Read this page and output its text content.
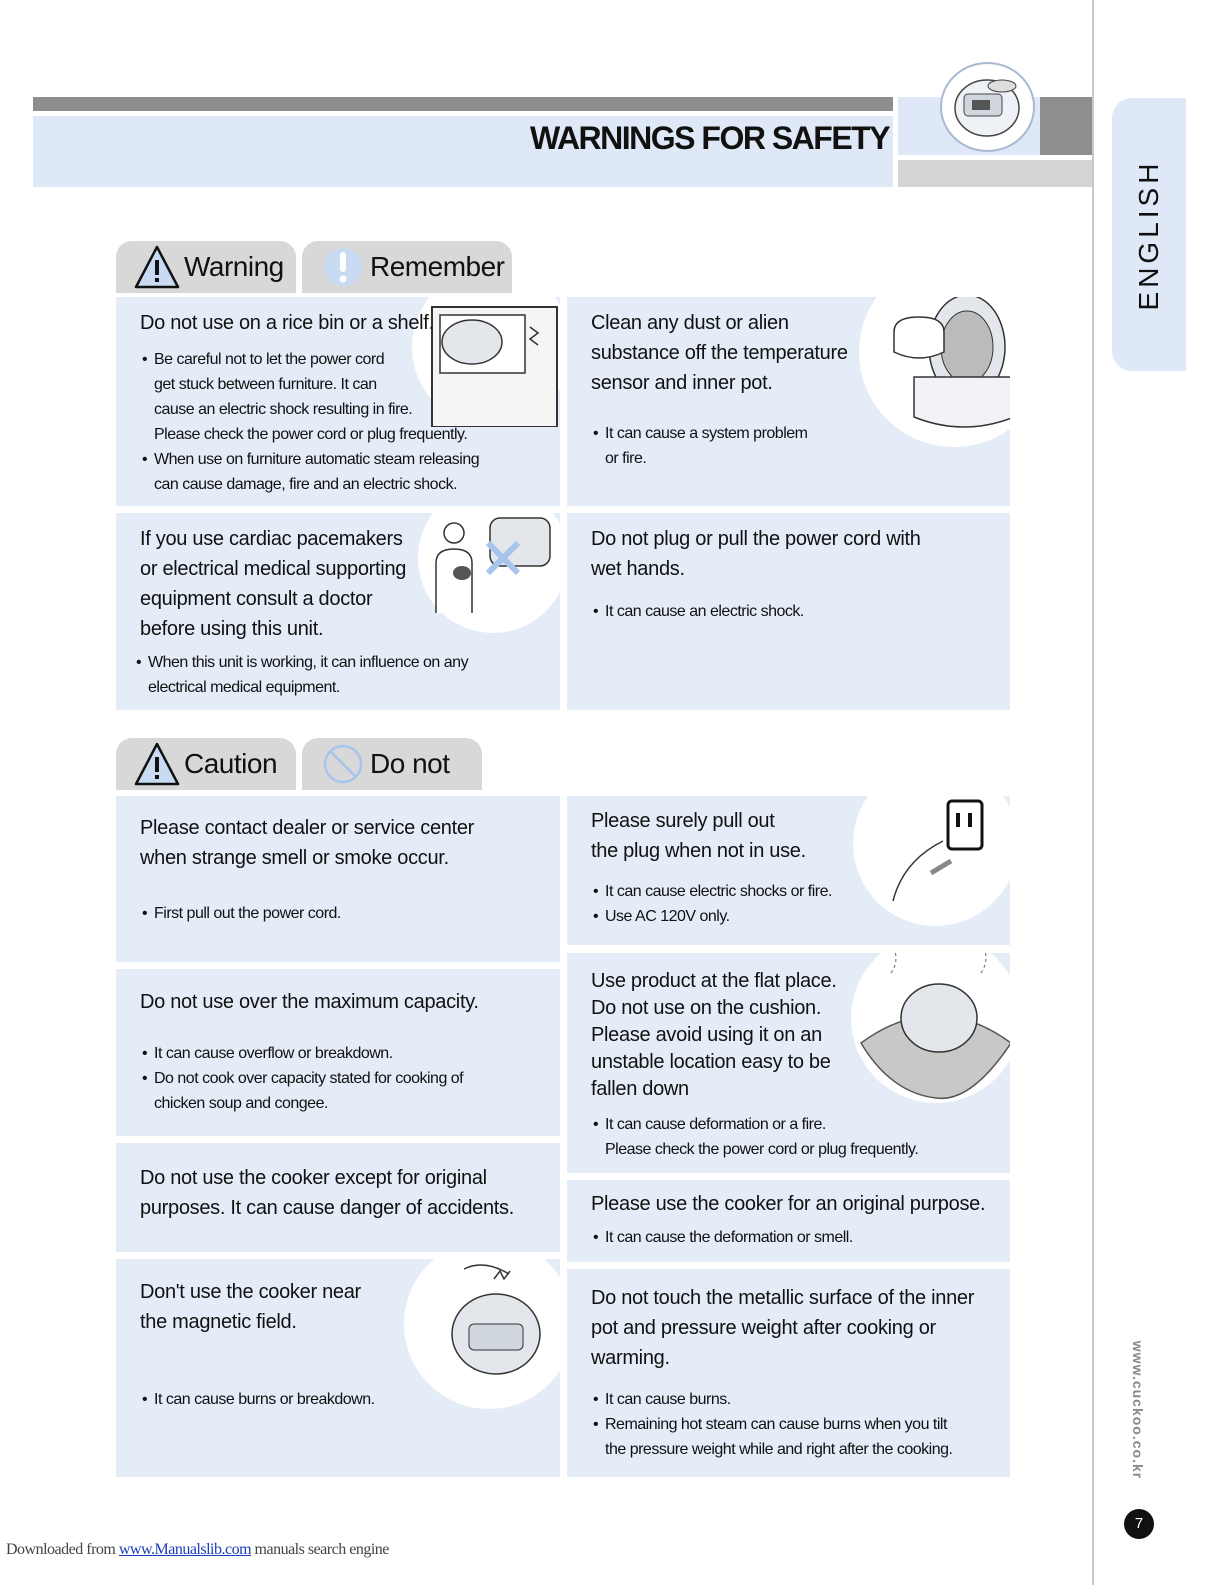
WARNINGS FOR SAFETY
ENGLISH
www.cuckoo.co.kr
7
Warning	Remember
Do not use on a rice bin or a shelf.
• Be careful not to let the power cord
get stuck between furniture. It can
cause an electric shock resulting in fire.
Please check the power cord or plug frequently.
• When use on furniture automatic steam releasing
can cause damage, fire and an electric shock.
Clean any dust or alien
substance off the temperature
sensor and inner pot.
• It can cause a system problem
or fire.
If you use cardiac pacemakers
or electrical medical supporting
equipment consult a doctor
before using this unit.
• When this unit is working, it can influence on any
electrical medical equipment.
Do not plug or pull the power cord with
wet hands.
• It can cause an electric shock.
Caution	Do not
Please contact dealer or service center
when strange smell or smoke occur.
• First pull out the power cord.
Please surely pull out
the plug when not in use.
• It can cause electric shocks or fire.
• Use AC 120V only.
Do not use over the maximum capacity.
• It can cause overflow or breakdown.
• Do not cook over capacity stated for cooking of
chicken soup and congee.
Use product at the flat place.
Do not use on the cushion.
Please avoid using it on an
unstable location easy to be
fallen down
• It can cause deformation or a fire.
Please check the power cord or plug frequently.
Do not use the cooker except for original
purposes. It can cause danger of accidents.	Please use the cooker for an original purpose.
• It can cause the deformation or smell.
Don't use the cooker near
the magnetic field.
• It can cause burns or breakdown.
Do not touch the metallic surface of the inner
pot and pressure weight after cooking or
warming.
• It can cause burns.
• Remaining hot steam can cause burns when you tilt
the pressure weight while and right after the cooking.
Downloaded from www.Manualslib.com manuals search engine
